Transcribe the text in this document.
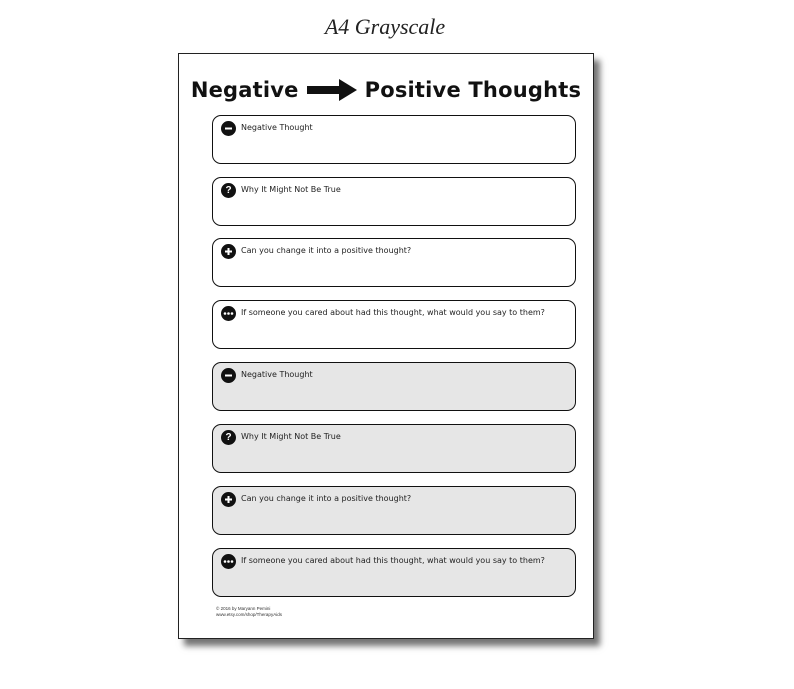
A4 Grayscale
Negative	Positive Thoughts
Negative Thought
? Why It Might Not Be True
Can you change it into a positive thought?
If someone you cared about had this thought, what would you say to them?
Negative Thought
? Why It Might Not Be True
Can you change it into a positive thought?
If someone you cared about had this thought, what would you say to them?
© 2016 by Maryann Pemini
www.etsy.com/shop/TherapyAids
